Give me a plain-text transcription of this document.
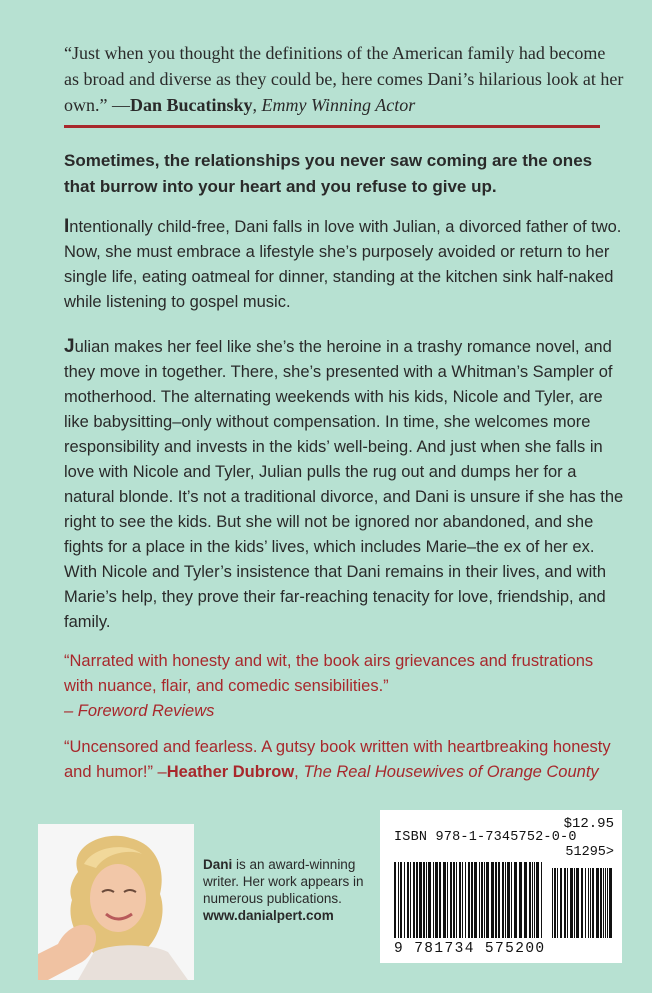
“Just when you thought the definitions of the American family had become as broad and diverse as they could be, here comes Dani’s hilarious look at her own.” —Dan Bucatinsky, Emmy Winning Actor
Sometimes, the relationships you never saw coming are the ones that burrow into your heart and you refuse to give up.
Intentionally child-free, Dani falls in love with Julian, a divorced father of two. Now, she must embrace a lifestyle she’s purposely avoided or return to her single life, eating oatmeal for dinner, standing at the kitchen sink half-naked while listening to gospel music.
Julian makes her feel like she’s the heroine in a trashy romance novel, and they move in together. There, she’s presented with a Whitman’s Sampler of motherhood. The alternating weekends with his kids, Nicole and Tyler, are like babysitting–only without compensation. In time, she welcomes more responsibility and invests in the kids’ well-being. And just when she falls in love with Nicole and Tyler, Julian pulls the rug out and dumps her for a natural blonde. It’s not a traditional divorce, and Dani is unsure if she has the right to see the kids. But she will not be ignored nor abandoned, and she fights for a place in the kids’ lives, which includes Marie–the ex of her ex. With Nicole and Tyler’s insistence that Dani remains in their lives, and with Marie’s help, they prove their far-reaching tenacity for love, friendship, and family.
“Narrated with honesty and wit, the book airs grievances and frustrations with nuance, flair, and comedic sensibilities.”
– Foreword Reviews
“Uncensored and fearless. A gutsy book written with heartbreaking honesty and humor!” –Heather Dubrow, The Real Housewives of Orange County
Dani is an award-winning writer. Her work appears in numerous publications.
www.danialpert.com
$12.95
ISBN 978-1-7345752-0-0
51295>
9 781734 575200
